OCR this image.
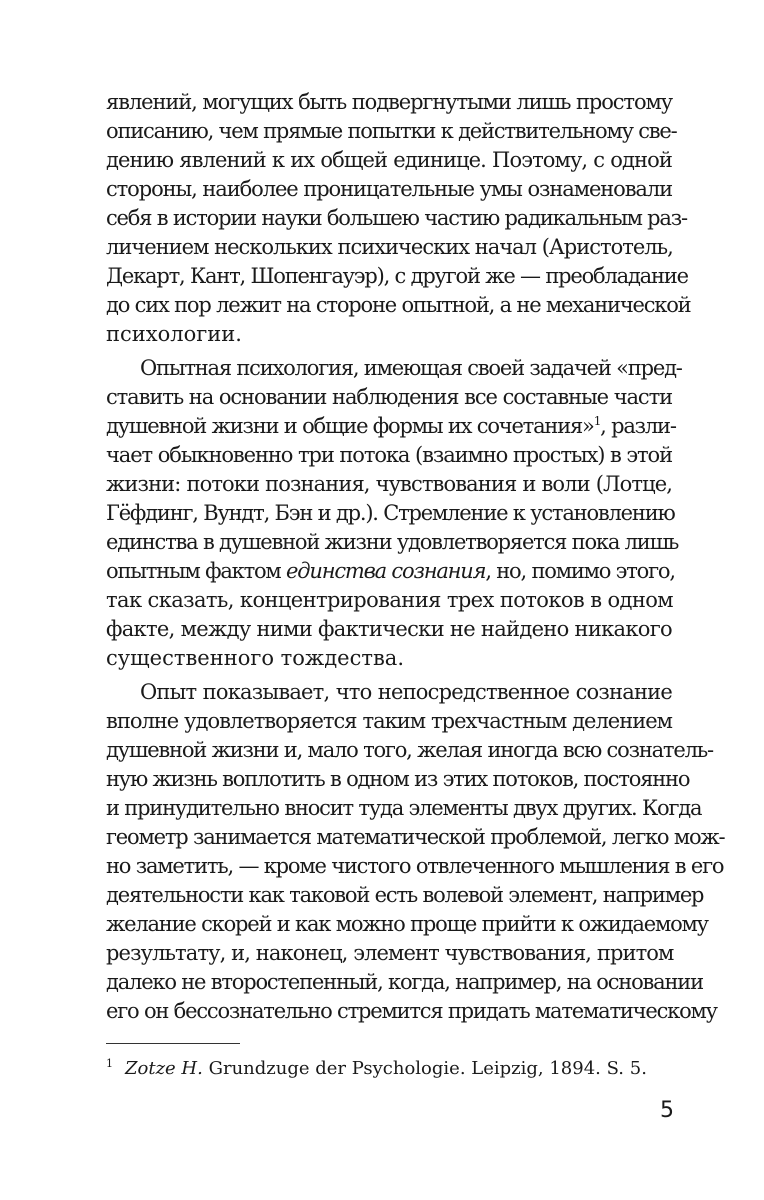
явлений, могущих быть подвергнутыми лишь простому
описанию, чем прямые попытки к действительному све-
дению явлений к их общей единице. Поэтому, с одной
стороны, наиболее проницательные умы ознаменовали
себя в истории науки большею частию радикальным раз-
личением нескольких психических начал (Аристотель,
Декарт, Кант, Шопенгауэр), с другой же — преобладание
до сих пор лежит на стороне опытной, а не механической
психологии.
Опытная психология, имеющая своей задачей «пред-
ставить на основании наблюдения все составные части
душевной жизни и общие формы их сочетания»$^1$, разли-
чает обыкновенно три потока (взаимно простых) в этой
жизни: потоки познания, чувствования и воли (Лотце,
Гёфдинг, Вундт, Бэн и др.). Стремление к установлению
единства в душевной жизни удовлетворяется пока лишь
опытным фактом единства сознания, но, помимо этого,
так сказать, концентрирования трех потоков в одном
факте, между ними фактически не найдено никакого
существенного тождества.
Опыт показывает, что непосредственное сознание
вполне удовлетворяется таким трехчастным делением
душевной жизни и, мало того, желая иногда всю сознатель-
ную жизнь воплотить в одном из этих потоков, постоянно
и принудительно вносит туда элементы двух других. Когда
геометр занимается математической проблемой, легко мож-
но заметить, — кроме чистого отвлеченного мышления в его
деятельности как таковой есть волевой элемент, например
желание скорей и как можно проще прийти к ожидаемому
результату, и, наконец, элемент чувствования, притом
далеко не второстепенный, когда, например, на основании
его он бессознательно стремится придать математическому
$^1$ Zotze H. Grundzuge der Psychologie. Leipzig, 1894. S. 5.
5
